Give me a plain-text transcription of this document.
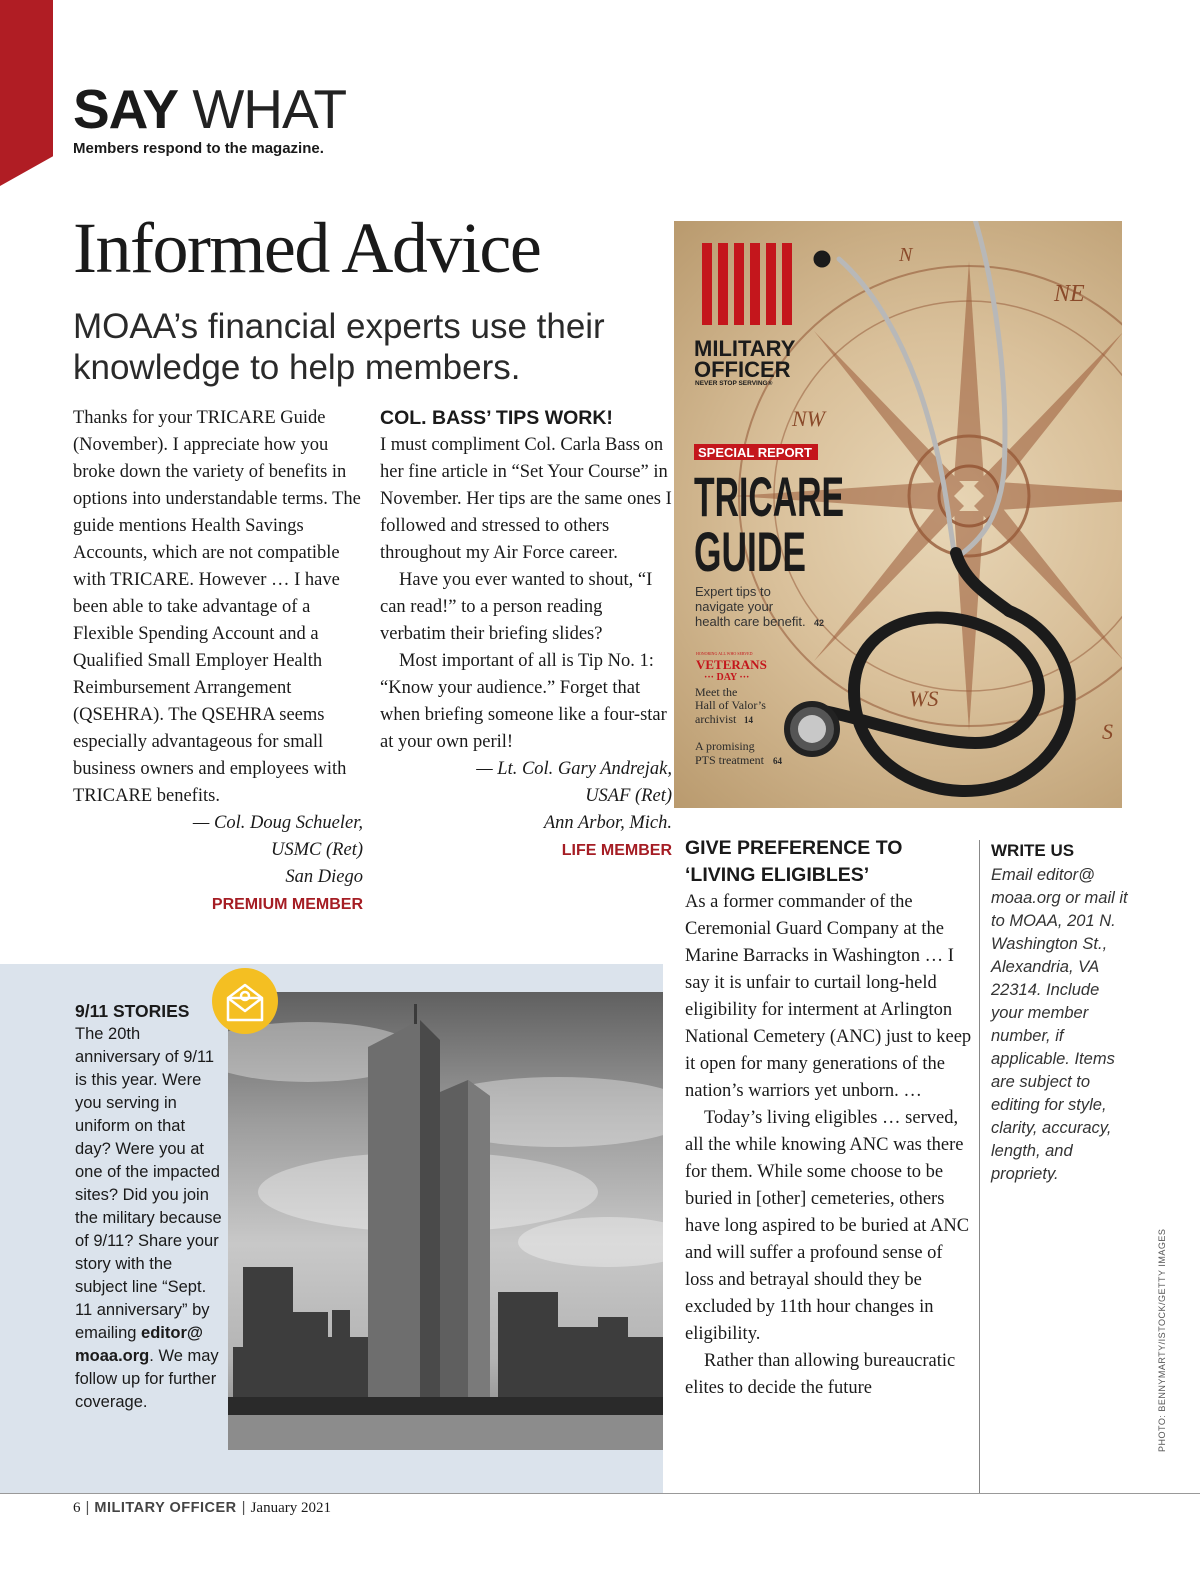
SAY WHAT
Members respond to the magazine.
Informed Advice
MOAA’s financial experts use their knowledge to help members.

Thanks for your TRICARE Guide (November). I appreciate how you broke down the variety of benefits in options into understandable terms. The guide mentions Health Savings Accounts, which are not compatible with TRICARE. However … I have been able to take advantage of a Flexible Spending Account and a Qualified Small Employer Health Reimbursement Arrangement (QSEHRA). The QSEHRA seems especially advantageous for small business owners and employees with TRICARE benefits.

— Col. Doug Schueler,
USMC (Ret)
San Diego
PREMIUM MEMBER
COL. BASS’ TIPS WORK!

I must compliment Col. Carla Bass on her fine article in “Set Your Course” in November. Her tips are the same ones I followed and stressed to others throughout my Air Force career.

Have you ever wanted to shout, “I can read!” to a person reading verbatim their briefing slides?

Most important of all is Tip No. 1: “Know your audience.” Forget that when briefing someone like a four-star at your own peril!

— Lt. Col. Gary Andrejak,
USAF (Ret)
Ann Arbor, Mich.
LIFE MEMBER
N
NE
NW
WS
S
MILITARY
OFFICER
NEVER STOP SERVING®
SPECIAL REPORT
TRICARE
GUIDE
Expert tips to
navigate your
health care benefit. 42
HONORING ALL WHO SERVED
VETERANS
··· DAY ···
Meet the
Hall of Valor’s
archivist 14
A promising
PTS treatment 64
GIVE PREFERENCE TO
‘LIVING ELIGIBLES’

As a former commander of the Ceremonial Guard Company at the Marine Barracks in Washington … I say it is unfair to curtail long-held eligibility for interment at Arlington National Cemetery (ANC) just to keep it open for many generations of the nation’s warriors yet unborn. …

Today’s living eligibles … served, all the while knowing ANC was there for them. While some choose to be buried in [other] cemeteries, others have long aspired to be buried at ANC and will suffer a profound sense of loss and betrayal should they be excluded by 11th hour changes in eligibility.

Rather than allowing bureaucratic elites to decide the future

WRITE US
Email editor@ moaa.org or mail it to MOAA, 201 N. Washington St., Alexandria, VA 22314. Include your member number, if applicable. Items are subject to editing for style, clarity, accuracy, length, and propriety.
9/11 STORIES
The 20th anniversary of 9/11 is this year. Were you serving in uniform on that day? Were you at one of the impacted sites? Did you join the military because of 9/11? Share your story with the subject line “Sept. 11 anniversary” by emailing editor@ moaa.org. We may follow up for further coverage.	PHOTO: BENNYMARTY/ISTOCK/GETTY IMAGES
6 | MILITARY OFFICER | January 2021
